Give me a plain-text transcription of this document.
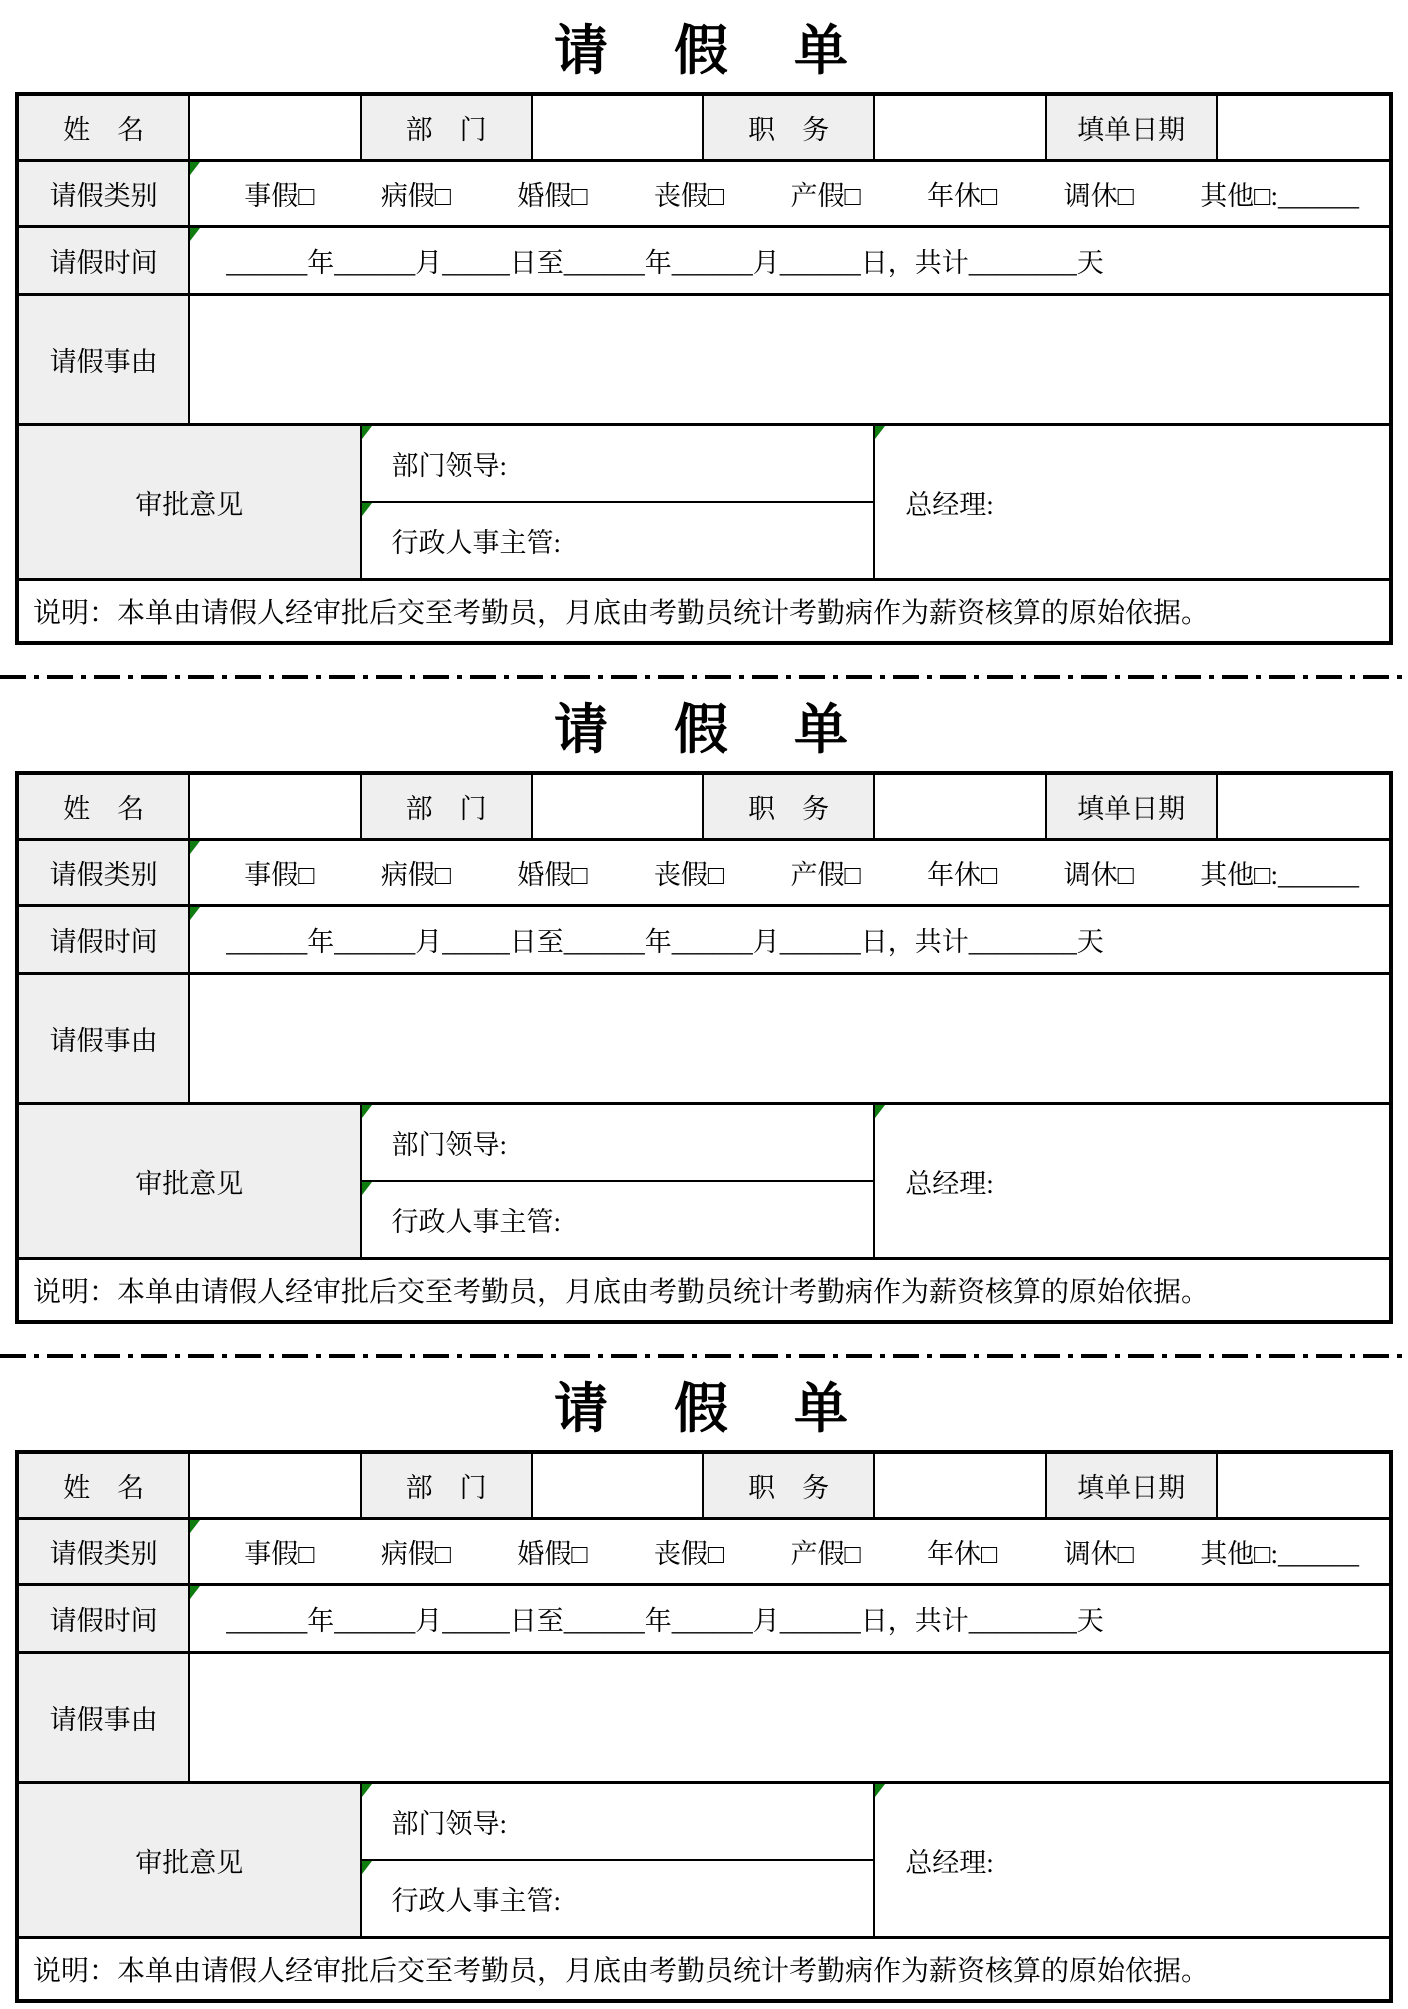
请　假　单
姓　名	部　门	职　务	填单日期
请假类别	事假□ 病假□ 婚假□ 丧假□ 产假□ 年休□ 调休□ 其他□:______
请假时间	______年______月_____日至______年______月______日，共计________天
请假事由
审批意见
部门领导:
行政人事主管:
总经理:
说明：本单由请假人经审批后交至考勤员，月底由考勤员统计考勤病作为薪资核算的原始依据。
请　假　单
姓　名	部　门	职　务	填单日期
请假类别	事假□ 病假□ 婚假□ 丧假□ 产假□ 年休□ 调休□ 其他□:______
请假时间	______年______月_____日至______年______月______日，共计________天
请假事由
审批意见
部门领导:
行政人事主管:
总经理:
说明：本单由请假人经审批后交至考勤员，月底由考勤员统计考勤病作为薪资核算的原始依据。
请　假　单
姓　名	部　门	职　务	填单日期
请假类别	事假□ 病假□ 婚假□ 丧假□ 产假□ 年休□ 调休□ 其他□:______
请假时间	______年______月_____日至______年______月______日，共计________天
请假事由
审批意见
部门领导:
行政人事主管:
总经理:
说明：本单由请假人经审批后交至考勤员，月底由考勤员统计考勤病作为薪资核算的原始依据。
